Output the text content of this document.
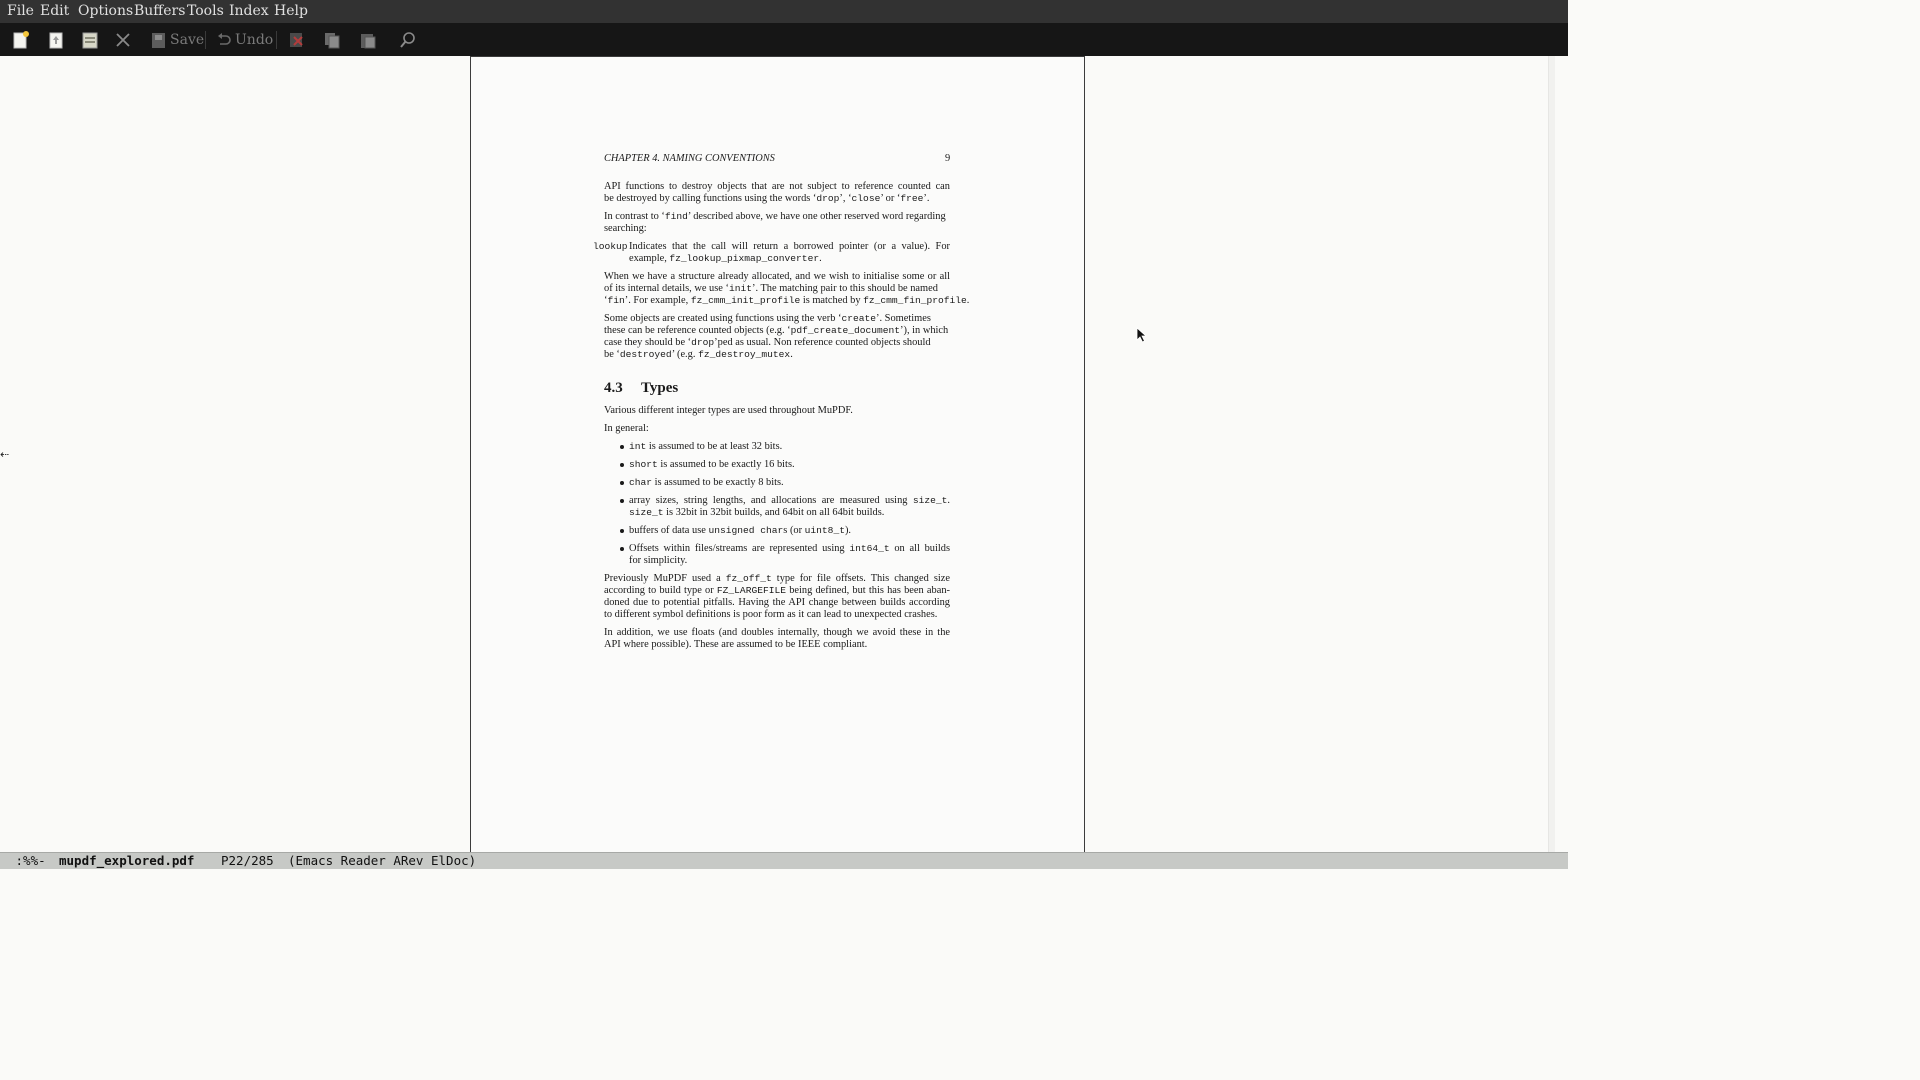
File Edit Options Buffers Tools Index Help
Save Undo
⇠
CHAPTER 4. NAMING CONVENTIONS	9
API functions to destroy objects that are not subject to reference counted can
be destroyed by calling functions using the words ‘drop’, ‘close’ or ‘free’.
In contrast to ‘find’ described above, we have one other reserved word regarding
searching:
lookup Indicates that the call will return a borrowed pointer (or a value). For
example, fz_lookup_pixmap_converter.
When we have a structure already allocated, and we wish to initialise some or all
of its internal details, we use ‘init’. The matching pair to this should be named
‘fin’. For example, fz_cmm_init_profile is matched by fz_cmm_fin_profile.
Some objects are created using functions using the verb ‘create’. Sometimes
these can be reference counted objects (e.g. ‘pdf_create_document’), in which
case they should be ‘drop’ped as usual. Non reference counted objects should
be ‘destroyed’ (e.g. fz_destroy_mutex.
4.3 Types
Various different integer types are used throughout MuPDF.
In general:
int is assumed to be at least 32 bits.
short is assumed to be exactly 16 bits.
char is assumed to be exactly 8 bits.
array sizes, string lengths, and allocations are measured using size_t.
size_t is 32bit in 32bit builds, and 64bit on all 64bit builds.
buffers of data use unsigned chars (or uint8_t).
Offsets within files/streams are represented using int64_t on all builds
for simplicity.
Previously MuPDF used a fz_off_t type for file offsets. This changed size
according to build type or FZ_LARGEFILE being defined, but this has been aban-
doned due to potential pitfalls. Having the API change between builds according
to different symbol definitions is poor form as it can lead to unexpected crashes.
In addition, we use floats (and doubles internally, though we avoid these in the
API where possible). These are assumed to be IEEE compliant.

:%%-

mupdf_explored.pdf

P22/285

(Emacs Reader ARev ElDoc)
